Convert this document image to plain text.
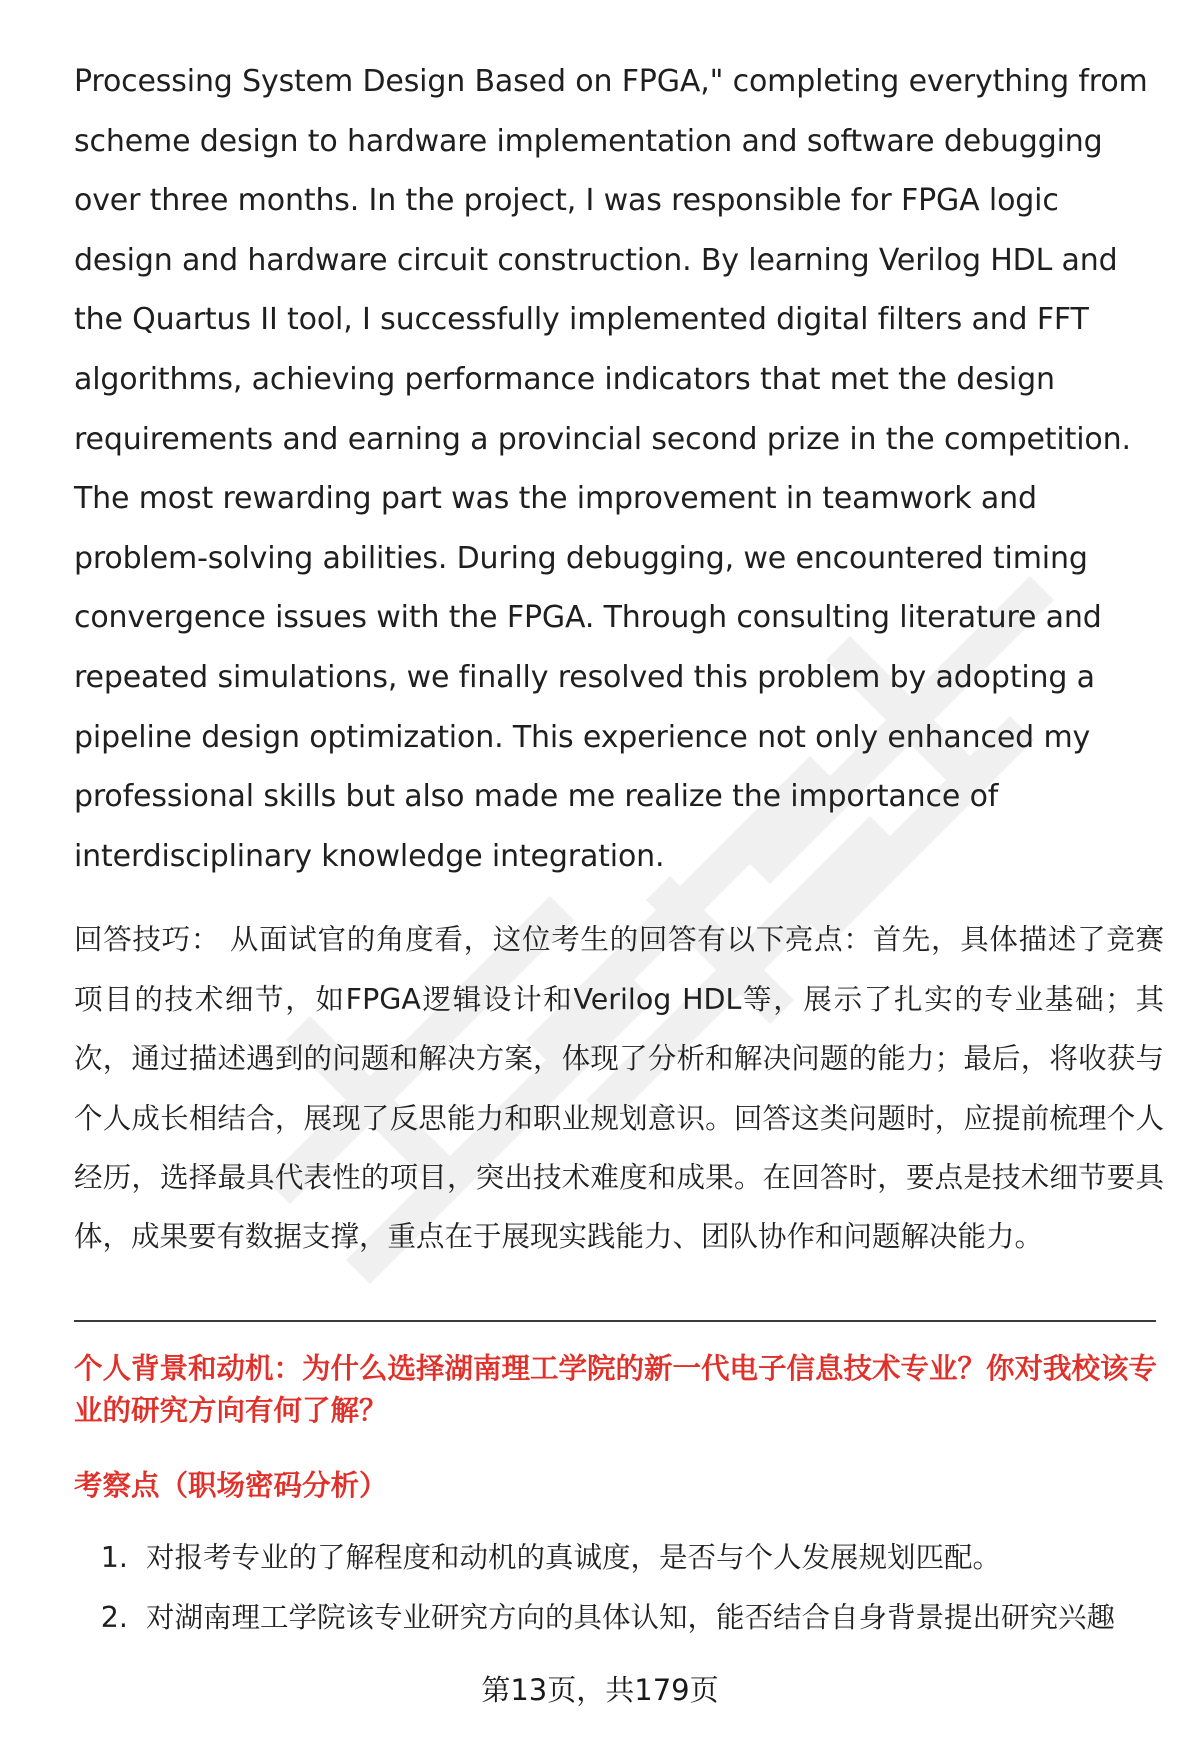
Processing System Design Based on FPGA," completing everything from scheme design to hardware implementation and software debugging over three months. In the project, I was responsible for FPGA logic design and hardware circuit construction. By learning Verilog HDL and the Quartus II tool, I successfully implemented digital filters and FFT algorithms, achieving performance indicators that met the design requirements and earning a provincial second prize in the competition. The most rewarding part was the improvement in teamwork and problem-solving abilities. During debugging, we encountered timing convergence issues with the FPGA. Through consulting literature and repeated simulations, we finally resolved this problem by adopting a pipeline design optimization. This experience not only enhanced my professional skills but also made me realize the importance of interdisciplinary knowledge integration.

回答技巧： 从面试官的角度看，这位考生的回答有以下亮点：首先，具体描述了竞赛项目的技术细节，如FPGA逻辑设计和Verilog HDL等，展示了扎实的专业基础；其次，通过描述遇到的问题和解决方案，体现了分析和解决问题的能力；最后，将收获与个人成长相结合，展现了反思能力和职业规划意识。回答这类问题时，应提前梳理个人经历，选择最具代表性的项目，突出技术难度和成果。在回答时，要点是技术细节要具体，成果要有数据支撑，重点在于展现实践能力、团队协作和问题解决能力。

个人背景和动机：为什么选择湖南理工学院的新一代电子信息技术专业？你对我校该专业的研究方向有何了解？

考察点（职场密码分析）

1. 对报考专业的了解程度和动机的真诚度，是否与个人发展规划匹配。
2. 对湖南理工学院该专业研究方向的具体认知，能否结合自身背景提出研究兴趣
第13页，共179页
